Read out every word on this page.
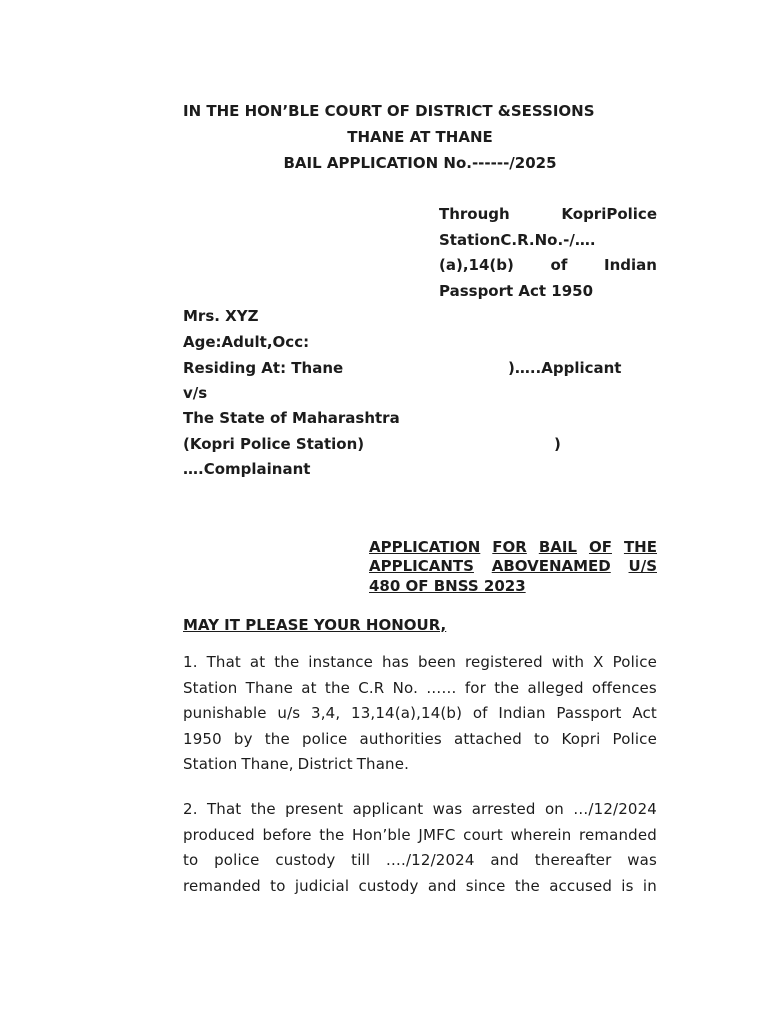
IN THE HON’BLE COURT OF DISTRICT &SESSIONS
THANE AT THANE
BAIL APPLICATION No.------/2025
Through	KopriPolice
StationC.R.No.-/….
(a),14(b) of Indian
Passport Act 1950
Mrs. XYZ
Age:Adult,Occ:
Residing At: Thane	)…..Applicant
v/s
The State of Maharashtra
(Kopri Police Station)	)
….Complainant
APPLICATION FOR BAIL OF THE
APPLICANTS ABOVENAMED U/S
480 OF BNSS 2023
MAY IT PLEASE YOUR HONOUR,
1. That at the instance has been registered with X Police
Station Thane at the C.R No. …… for the alleged offences
punishable u/s 3,4, 13,14(a),14(b) of Indian Passport Act
1950 by the police authorities attached to Kopri Police
Station Thane, District Thane.
2. That the present applicant was arrested on …/12/2024
produced before the Hon’ble JMFC court wherein remanded
to police custody till …./12/2024 and thereafter was
remanded to judicial custody and since the accused is in
